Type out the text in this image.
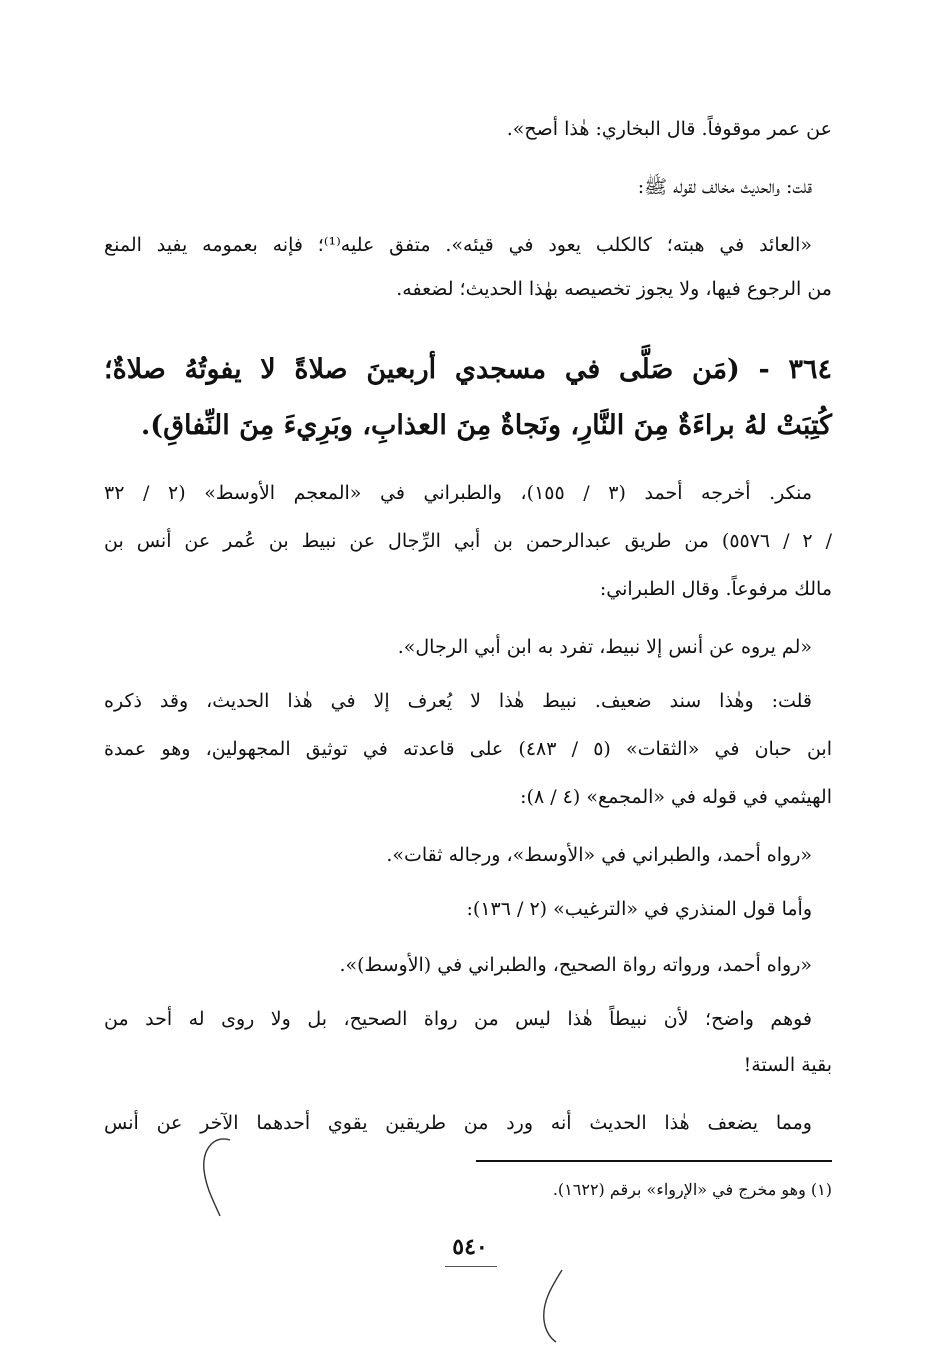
عن عمر موقوفاً. قال البخاري: هٰذا أصح».
قلت: والحديث مخالف لقوله ﷺ:
«العائد في هبته؛ كالكلب يعود في قيئه». متفق عليه⁽¹⁾؛ فإنه بعمومه يفيد المنع
من الرجوع فيها، ولا يجوز تخصيصه بهٰذا الحديث؛ لضعفه.
٣٦٤ - (مَن صَلَّى في مسجدي أربعينَ صلاةً لا يفوتُهُ صلاةٌ؛
كُتِبَتْ لهُ براءَةٌ مِنَ النَّارِ، ونَجاةٌ مِنَ العذابِ، وبَرِيءَ مِنَ النِّفاقِ).
منكر. أخرجه أحمد (٣ / ١٥٥)، والطبراني في «المعجم الأوسط» (٢ / ٣٢
/ ٢ / ٥٥٧٦) من طريق عبدالرحمن بن أبي الرِّجال عن نبيط بن عُمر عن أنس بن
مالك مرفوعاً. وقال الطبراني:
«لم يروه عن أنس إلا نبيط، تفرد به ابن أبي الرجال».
قلت: وهٰذا سند ضعيف. نبيط هٰذا لا يُعرف إلا في هٰذا الحديث، وقد ذكره
ابن حبان في «الثقات» (٥ / ٤٨٣) على قاعدته في توثيق المجهولين، وهو عمدة
الهيثمي في قوله في «المجمع» (٤ / ٨):
«رواه أحمد، والطبراني في «الأوسط»، ورجاله ثقات».
وأما قول المنذري في «الترغيب» (٢ / ١٣٦):
«رواه أحمد، ورواته رواة الصحيح، والطبراني في (الأوسط)».
فوهم واضح؛ لأن نبيطاً هٰذا ليس من رواة الصحيح، بل ولا روى له أحد من
بقية الستة!
ومما يضعف هٰذا الحديث أنه ورد من طريقين يقوي أحدهما الآخر عن أنس
(١) وهو مخرج في «الإرواء» برقم (١٦٢٢).
٥٤٠
